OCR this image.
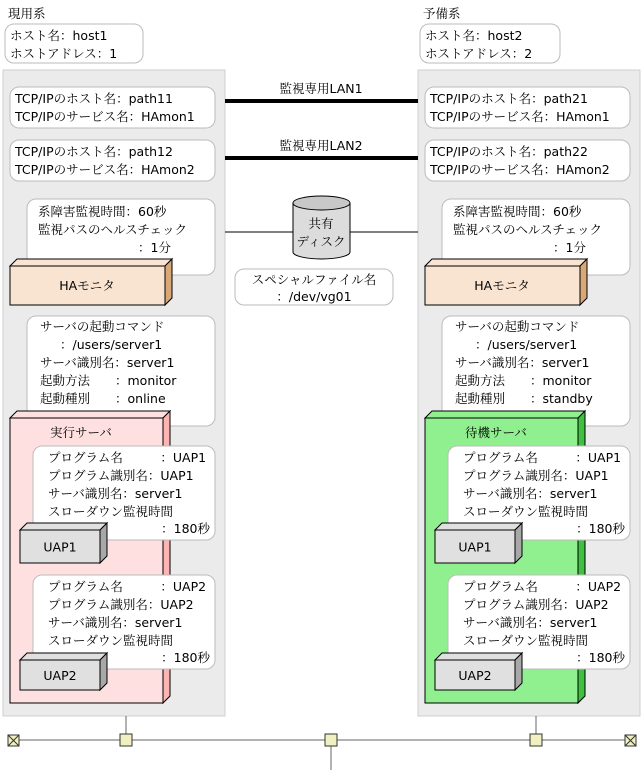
現用系
ホスト名：host1
ホストアドレス：1
TCP/IPのホスト名：path11
TCP/IPのサービス名：HAmon1
TCP/IPのホスト名：path12
TCP/IPのサービス名：HAmon2
系障害監視時間：60秒
監視パスのヘルスチェック
：1分
HAモニタ
サーバの起動コマンド
：/users/server1
サーバ識別名：server1
起動方法　　：monitor
起動種別　　：online
実行サーバ
プログラム名　　　：UAP1
プログラム識別名：UAP1
サーバ識別名：server1
スローダウン監視時間
：180秒
UAP1
プログラム名　　　：UAP2
プログラム識別名：UAP2
サーバ識別名：server1
スローダウン監視時間
：180秒
UAP2
予備系
ホスト名：host2
ホストアドレス：2
TCP/IPのホスト名：path21
TCP/IPのサービス名：HAmon1
TCP/IPのホスト名：path22
TCP/IPのサービス名：HAmon2
系障害監視時間：60秒
監視パスのヘルスチェック
：1分
HAモニタ
サーバの起動コマンド
：/users/server1
サーバ識別名：server1
起動方法　　：monitor
起動種別　　：standby
待機サーバ
プログラム名　　　：UAP1
プログラム識別名：UAP1
サーバ識別名：server1
スローダウン監視時間
：180秒
UAP1
プログラム名　　　：UAP2
プログラム識別名：UAP2
サーバ識別名：server1
スローダウン監視時間
：180秒
UAP2
監視専用LAN1
監視専用LAN2
共有
ディスク
スペシャルファイル名
：/dev/vg01
